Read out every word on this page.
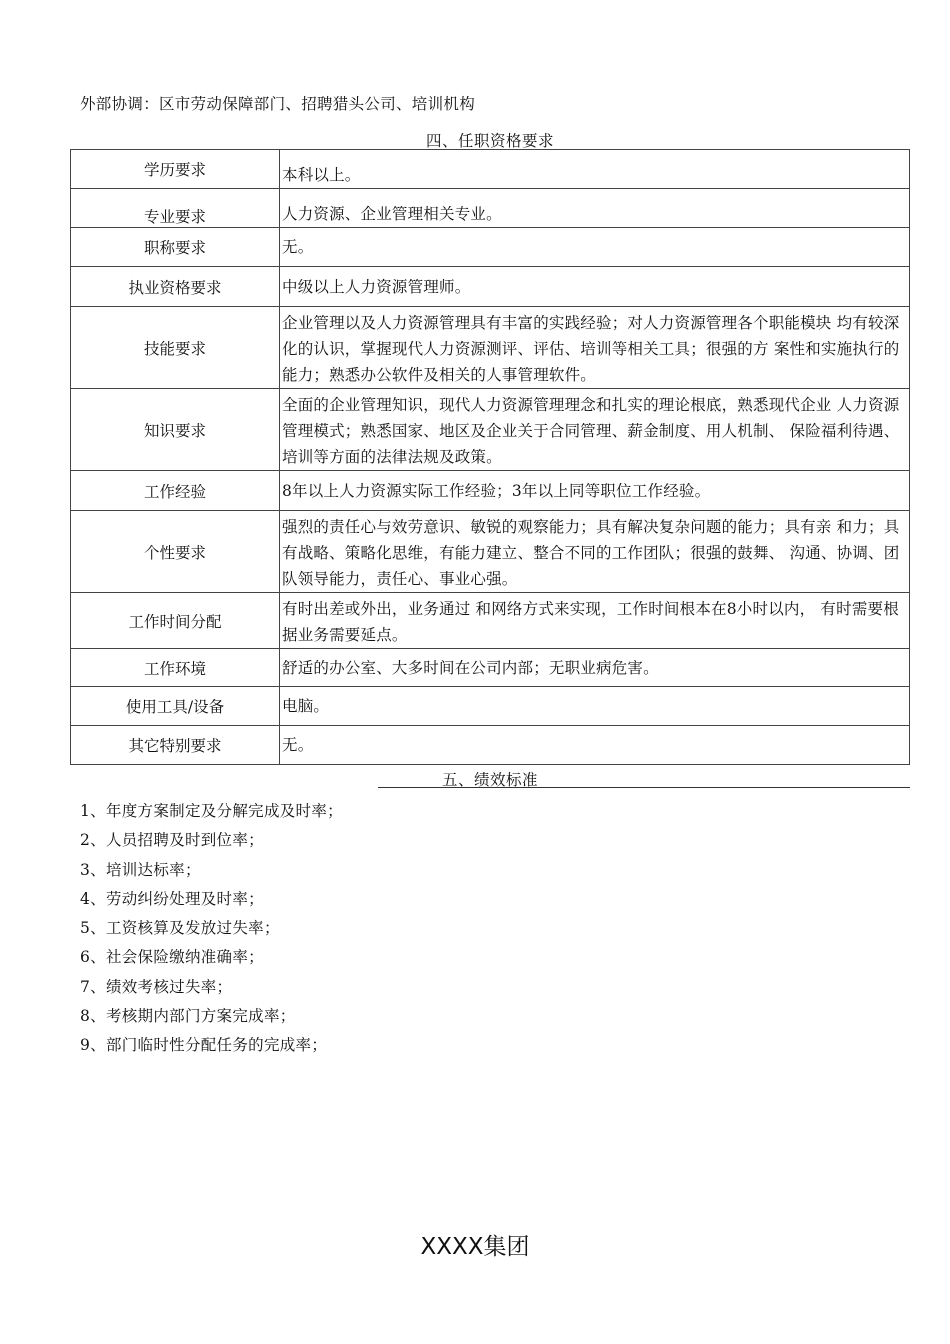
外部协调：区市劳动保障部门、招聘猎头公司、培训机构
四、任职资格要求
学历要求	本科以上。
专业要求	人力资源、企业管理相关专业。
职称要求	无。
执业资格要求	中级以上人力资源管理师。
技能要求	企业管理以及人力资源管理具有丰富的实践经验；对人力资源管理各个职能模块 均有较深化的认识，掌握现代人力资源测评、评估、培训等相关工具；很强的方 案性和实施执行的能力；熟悉办公软件及相关的人事管理软件。
知识要求	全面的企业管理知识，现代人力资源管理理念和扎实的理论根底，熟悉现代企业 人力资源管理模式；熟悉国家、地区及企业关于合同管理、薪金制度、用人机制、 保险福利待遇、培训等方面的法律法规及政策。
工作经验	8年以上人力资源实际工作经验；3年以上同等职位工作经验。
个性要求	强烈的责任心与效劳意识、敏锐的观察能力；具有解决复杂问题的能力；具有亲 和力；具有战略、策略化思维，有能力建立、整合不同的工作团队；很强的鼓舞、 沟通、协调、团队领导能力，责任心、事业心强。
工作时间分配	有时出差或外出，业务通过 和网络方式来实现，工作时间根本在8小时以内， 有时需要根据业务需要延点。
工作环境	舒适的办公室、大多时间在公司内部；无职业病危害。
使用工具/设备	电脑。
其它特别要求	无。
五、绩效标准
1、年度方案制定及分解完成及时率；
2、人员招聘及时到位率；
3、培训达标率；
4、劳动纠纷处理及时率；
5、工资核算及发放过失率；
6、社会保险缴纳准确率；
7、绩效考核过失率；
8、考核期内部门方案完成率；
9、部门临时性分配任务的完成率；
XXXX集团
